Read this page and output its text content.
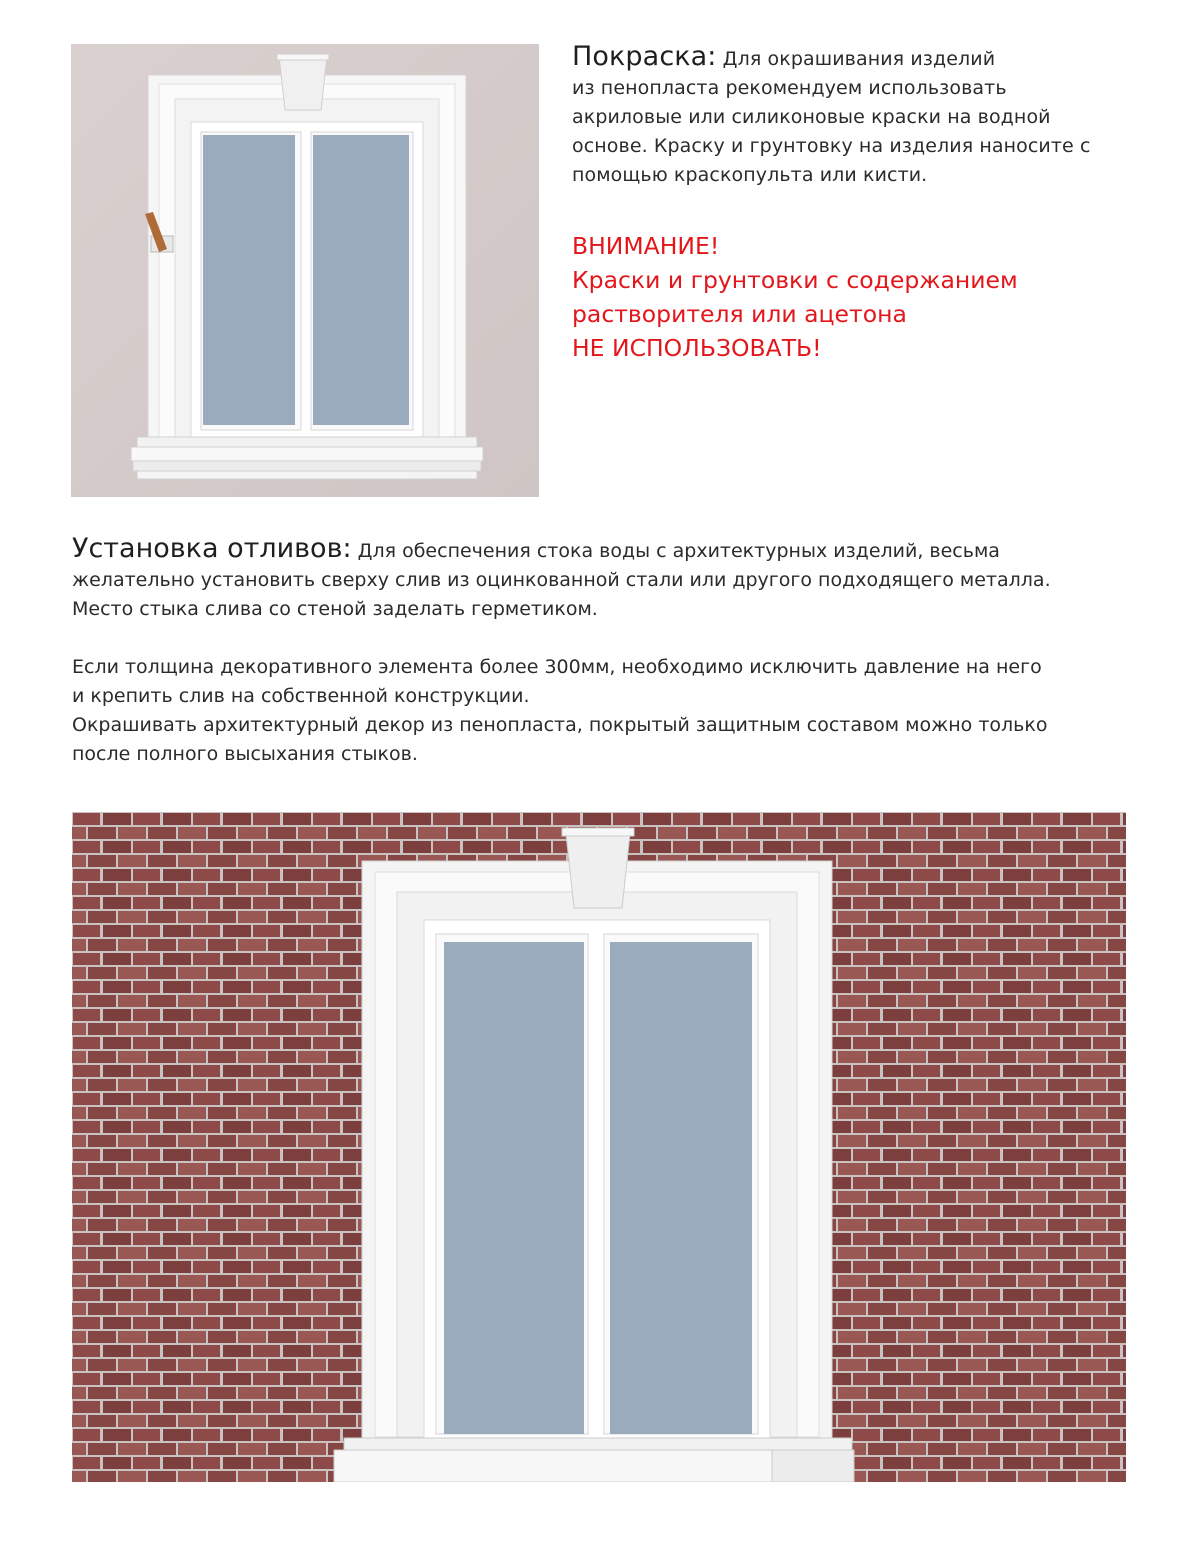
Покраска: Для окрашивания изделий
из пенопласта рекомендуем использовать
акриловые или силиконовые краски на водной
основе. Краску и грунтовку на изделия наносите с
помощью краскопульта или кисти.
ВНИМАНИЕ!
Краски и грунтовки с содержанием
растворителя или ацетона
НЕ ИСПОЛЬЗОВАТЬ!
Установка отливов: Для обеспечения стока воды с архитектурных изделий, весьма
желательно установить сверху слив из оцинкованной стали или другого подходящего металла.
Место стыка слива со стеной заделать герметиком.
Если толщина декоративного элемента более 300мм, необходимо исключить давление на него
и крепить слив на собственной конструкции.
Окрашивать архитектурный декор из пенопласта, покрытый защитным составом можно только
после полного высыхания стыков.
